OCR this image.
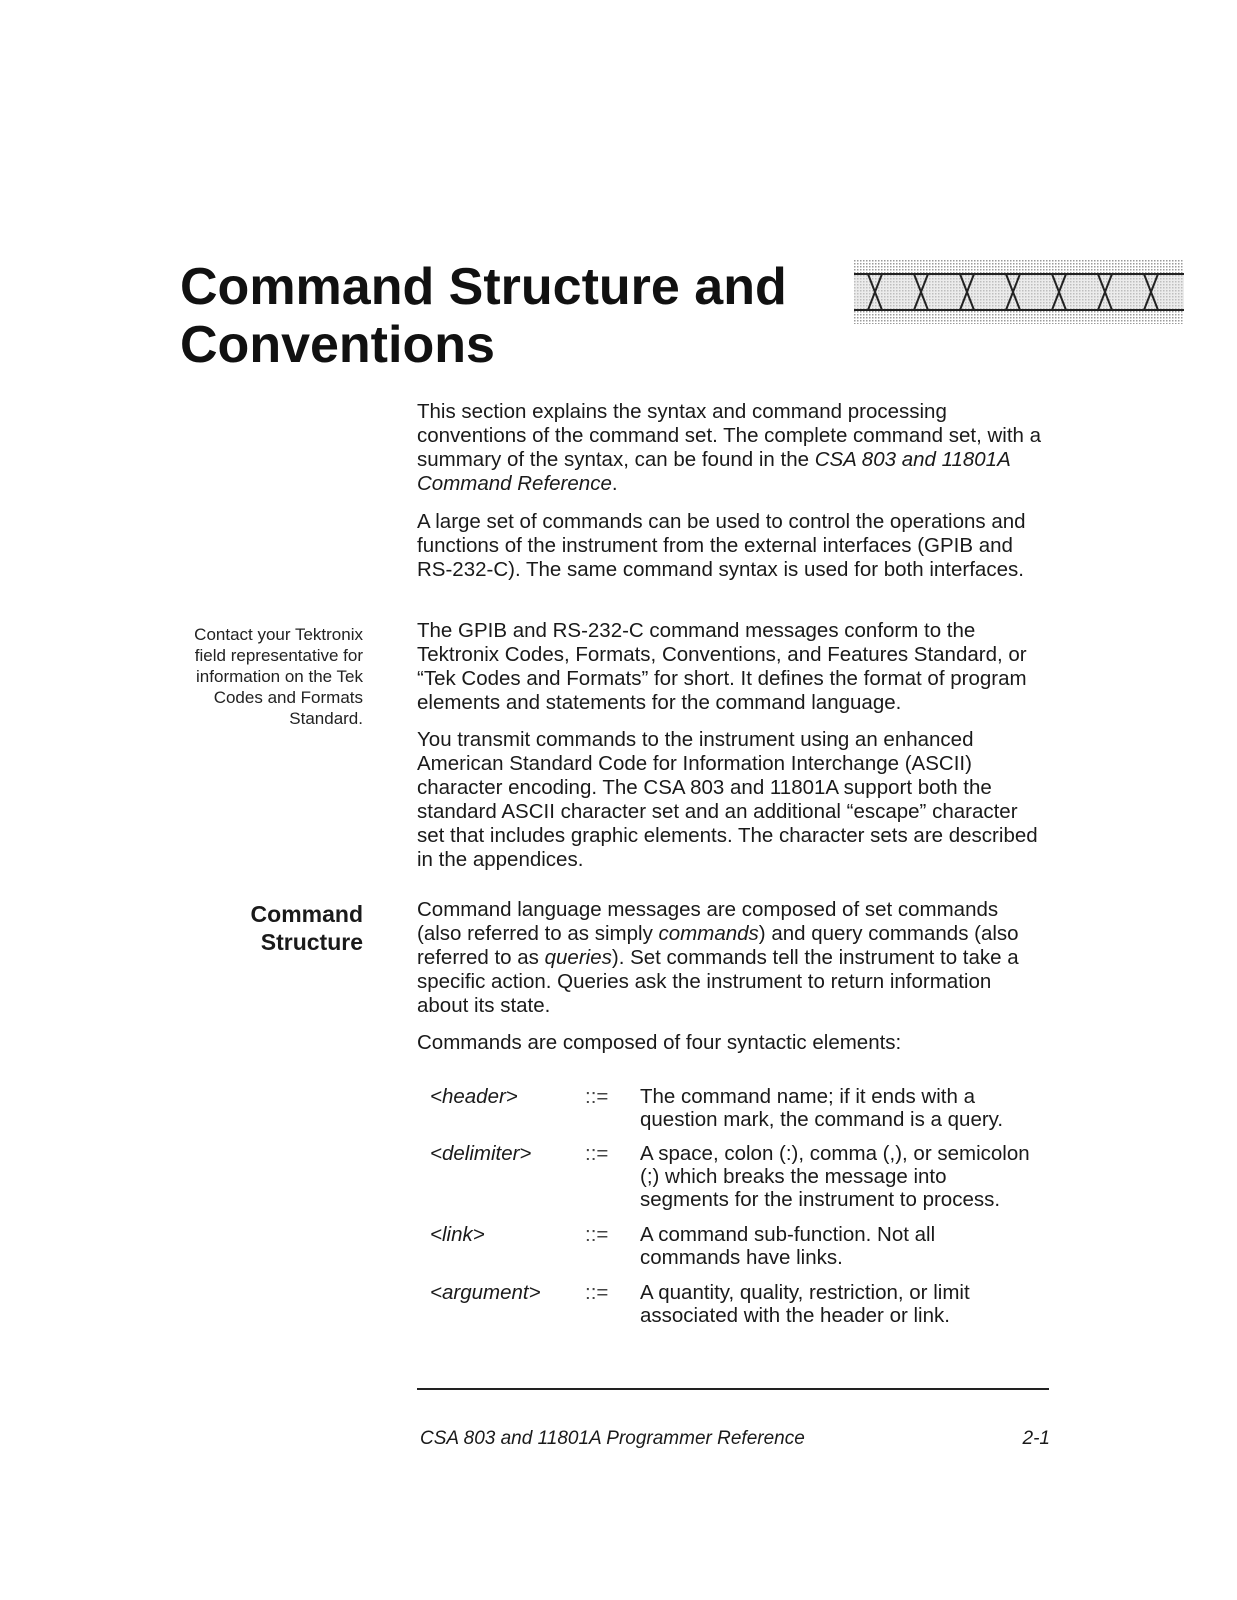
Command Structure and
Conventions

This section explains the syntax and command processing conventions of the command set. The complete command set, with a summary of the syntax, can be found in the CSA 803 and 11801A Command Reference.

A large set of commands can be used to control the operations and functions of the instrument from the external interfaces (GPIB and RS-232-C). The same command syntax is used for both interfaces.

Contact your Tektronix field representative for information on the Tek Codes and Formats Standard.

The GPIB and RS-232-C command messages conform to the Tektronix Codes, Formats, Conventions, and Features Standard, or “Tek Codes and Formats” for short. It defines the format of program elements and statements for the command language.

You transmit commands to the instrument using an enhanced American Standard Code for Information Interchange (ASCII) character encoding. The CSA 803 and 11801A support both the standard ASCII character set and an additional “escape” character set that includes graphic elements. The character sets are described in the appendices.

Command
Structure

Command language messages are composed of set commands (also referred to as simply commands) and query commands (also referred to as queries). Set commands tell the instrument to take a specific action. Queries ask the instrument to return information about its state.

Commands are composed of four syntactic elements:

<header>	::= The command name; if it ends with a question mark, the command is a query.
<delimiter>	::= A space, colon (:), comma (,), or semicolon (;) which breaks the message into segments for the instrument to process.
<link>	::= A command sub-function. Not all commands have links.
<argument> ::= A quantity, quality, restriction, or limit associated with the header or link.
CSA 803 and 11801A Programmer Reference	2-1
